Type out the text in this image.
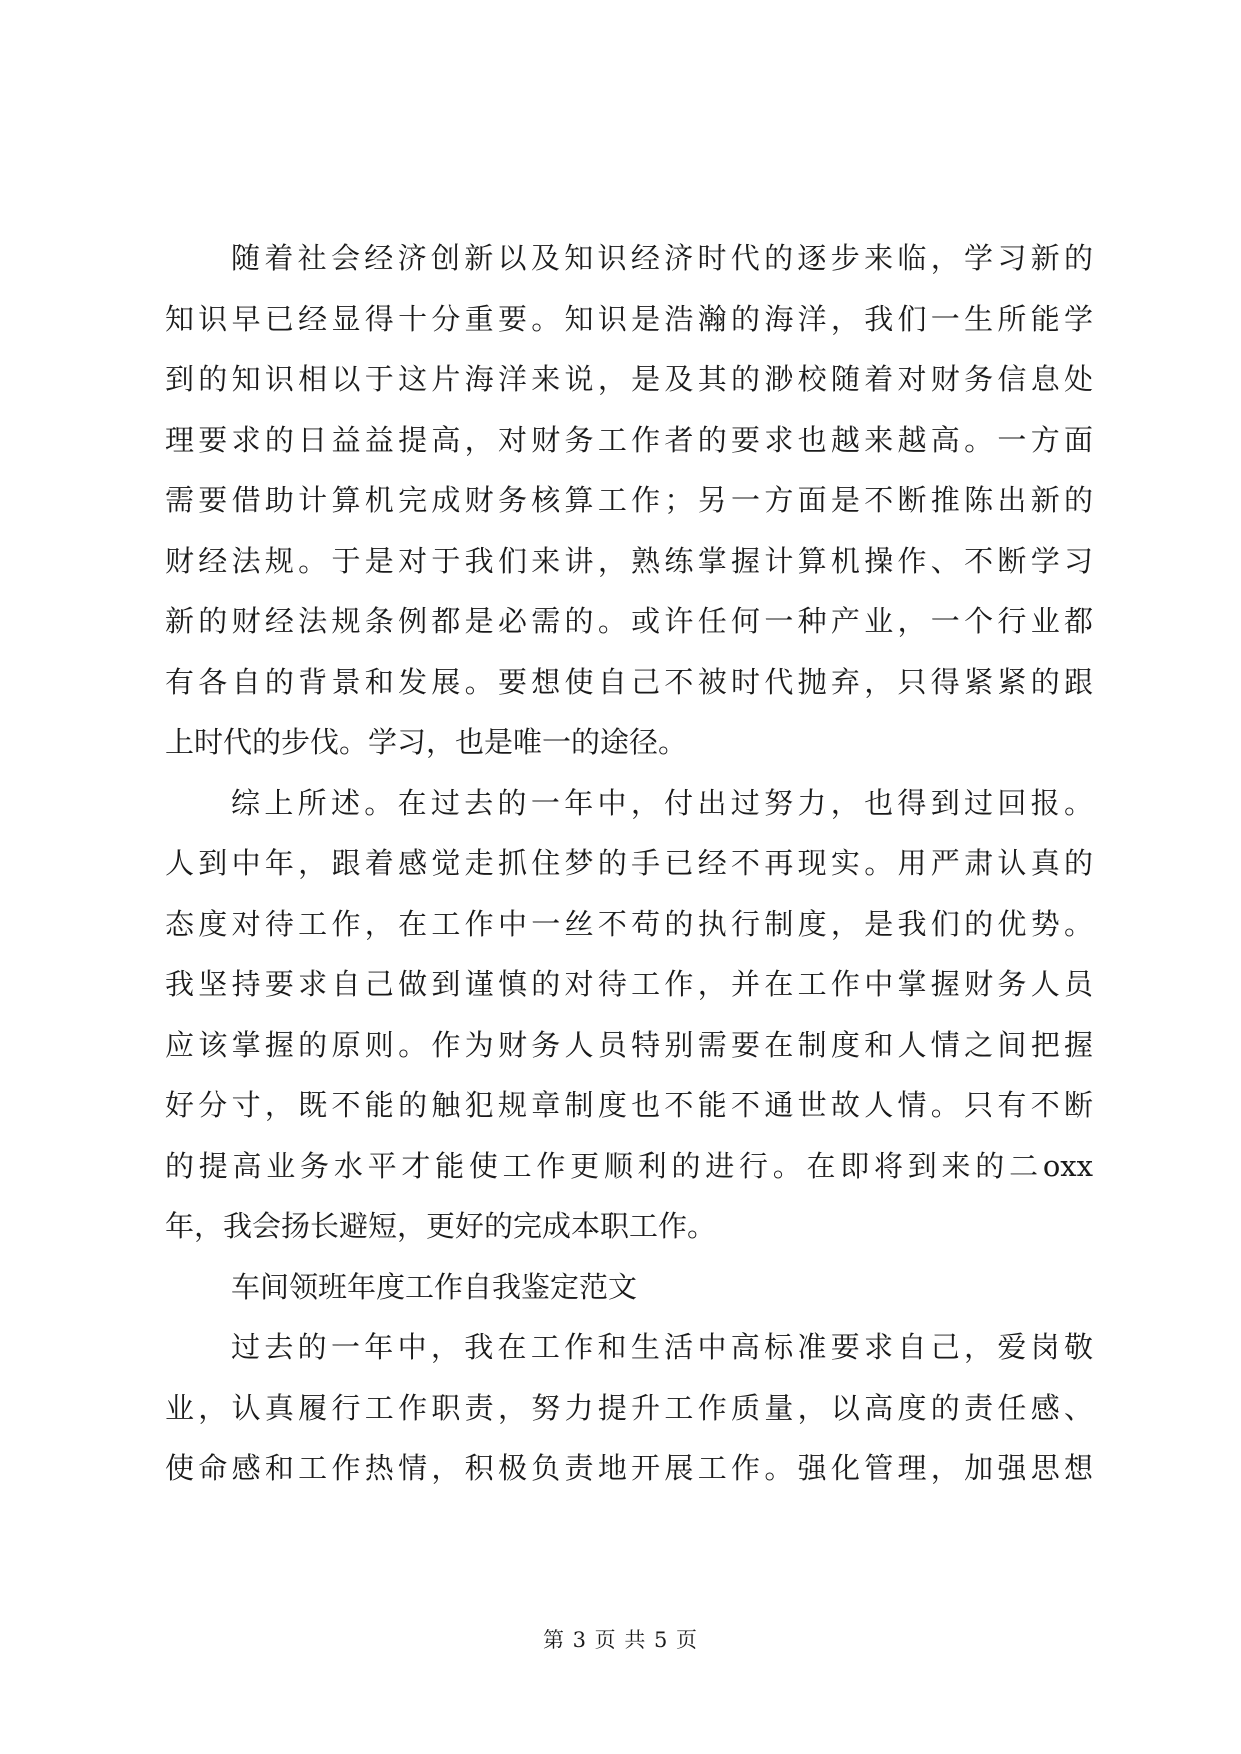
随着社会经济创新以及知识经济时代的逐步来临，学习新的
知识早已经显得十分重要。知识是浩瀚的海洋，我们一生所能学
到的知识相以于这片海洋来说，是及其的渺校随着对财务信息处
理要求的日益益提高，对财务工作者的要求也越来越高。一方面
需要借助计算机完成财务核算工作；另一方面是不断推陈出新的
财经法规。于是对于我们来讲，熟练掌握计算机操作、不断学习
新的财经法规条例都是必需的。或许任何一种产业，一个行业都
有各自的背景和发展。要想使自己不被时代抛弃，只得紧紧的跟
上时代的步伐。学习，也是唯一的途径。
综上所述。在过去的一年中，付出过努力，也得到过回报。
人到中年，跟着感觉走抓住梦的手已经不再现实。用严肃认真的
态度对待工作，在工作中一丝不苟的执行制度，是我们的优势。
我坚持要求自己做到谨慎的对待工作，并在工作中掌握财务人员
应该掌握的原则。作为财务人员特别需要在制度和人情之间把握
好分寸，既不能的触犯规章制度也不能不通世故人情。只有不断
的提高业务水平才能使工作更顺利的进行。在即将到来的二oxx
年，我会扬长避短，更好的完成本职工作。
车间领班年度工作自我鉴定范文
过去的一年中，我在工作和生活中高标准要求自己，爱岗敬
业，认真履行工作职责，努力提升工作质量，以高度的责任感、
使命感和工作热情，积极负责地开展工作。强化管理，加强思想
第 3 页 共 5 页
